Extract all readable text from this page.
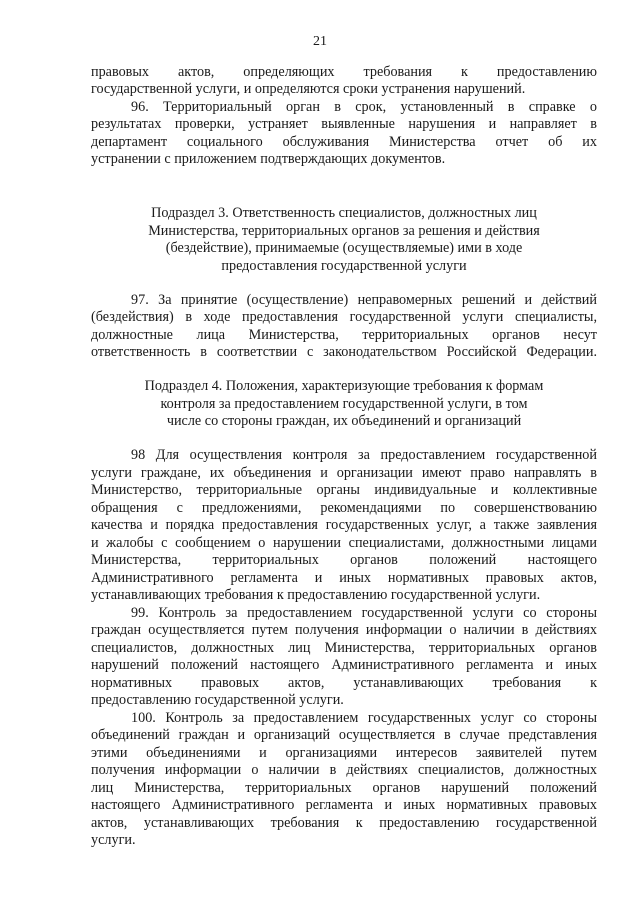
21
правовых актов, определяющих требования к предоставлению
государственной услуги, и определяются сроки устранения нарушений.
96. Территориальный орган в срок, установленный в справке о
результатах проверки, устраняет выявленные нарушения и направляет в
департамент социального обслуживания Министерства отчет об их
устранении с приложением подтверждающих документов.
Подраздел 3. Ответственность специалистов, должностных лиц
Министерства, территориальных органов за решения и действия
(бездействие), принимаемые (осуществляемые) ими в ходе
предоставления государственной услуги
97. За принятие (осуществление) неправомерных решений и действий
(бездействия) в ходе предоставления государственной услуги специалисты,
должностные лица Министерства, территориальных органов несут
ответственность в соответствии с законодательством Российской Федерации.
Подраздел 4. Положения, характеризующие требования к формам
контроля за предоставлением государственной услуги, в том
числе со стороны граждан, их объединений и организаций
98 Для осуществления контроля за предоставлением государственной
услуги граждане, их объединения и организации имеют право направлять в
Министерство, территориальные органы индивидуальные и коллективные
обращения с предложениями, рекомендациями по совершенствованию
качества и порядка предоставления государственных услуг, а также заявления
и жалобы с сообщением о нарушении специалистами, должностными лицами
Министерства, территориальных органов положений настоящего
Административного регламента и иных нормативных правовых актов,
устанавливающих требования к предоставлению государственной услуги.
99. Контроль за предоставлением государственной услуги со стороны
граждан осуществляется путем получения информации о наличии в действиях
специалистов, должностных лиц Министерства, территориальных органов
нарушений положений настоящего Административного регламента и иных
нормативных правовых актов, устанавливающих требования к
предоставлению государственной услуги.
100. Контроль за предоставлением государственных услуг со стороны
объединений граждан и организаций осуществляется в случае представления
этими объединениями и организациями интересов заявителей путем
получения информации о наличии в действиях специалистов, должностных
лиц Министерства, территориальных органов нарушений положений
настоящего Административного регламента и иных нормативных правовых
актов, устанавливающих требования к предоставлению государственной
услуги.
